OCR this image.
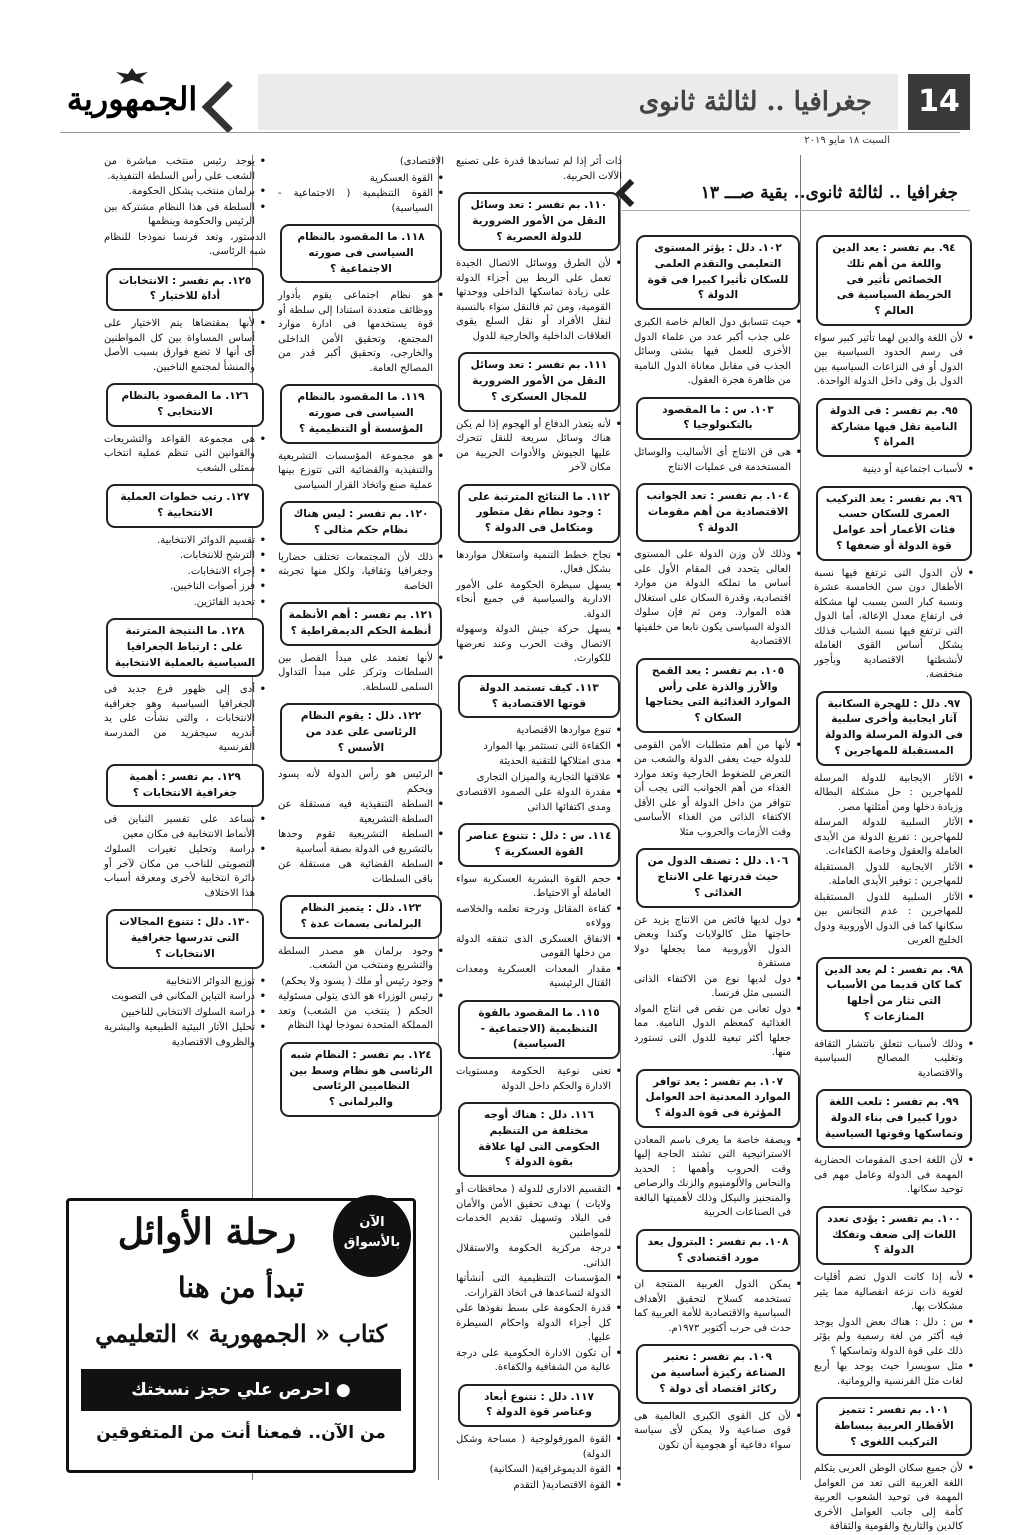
14
جغرافيا .. لثالثة ثانوى
الجمهورية
السبت ١٨ مايو ٢٠١٩
جغرافيا .. لثالثة ثانوى.. بقية صـــ ١٣
٩٤. بم تفسر : يعد الدين واللغة من أهم تلك الخصائص تأثير فى الخريطة السياسية فى العالم ؟
• لأن اللغة والدين لهما تأثير كبير سواء فى رسم الحدود السياسية بين الدول أو فى النزاعات السياسية بين الدول بل وفى داخل الدولة الواحدة.
٩٥. بم تفسر : فى الدولة النامية تقل فيها مشاركة المراة ؟
• لأسباب اجتماعية أو دينية
٩٦. بم تفسر : يعد التركيب العمرى للسكان حسب فئات الأعمار أحد عوامل قوة الدولة أو ضعفها ؟
• لأن الدول التى ترتفع فيها نسبة الأطفال دون سن الخامسة عشرة ونسبة كبار السن يسبب لها مشكلة فى ارتفاع معدل الإعالة، أما الدول التى ترتفع فيها نسبة الشباب فذلك يشكل أساس القوى العاملة لأنشطتها الاقتصادية وبأجور منخفضة.
٩٧. دلل : للهجرة السكانية آثار ايجابية وأخرى سلبية فى الدولة المرسلة والدولة المستقبلة للمهاجرين ؟
• الآثار الايجابية للدولة المرسلة للمهاجرين : حل مشكلة البطالة وزيادة دخلها ومن أمثلتها مصر.
• الآثار السلبية للدولة المرسلة للمهاجرين : تفريغ الدولة من الأيدى العاملة والعقول وخاصة الكفاءات.
• الآثار الايجابية للدول المستقبلة للمهاجرين : توفير الأيدى العاملة.
• الآثار السلبية للدول المستقبلة للمهاجرين : عدم التجانس بين سكانها كما فى الدول الأوروبية ودول الخليج العربى
٩٨. بم تفسر : لم يعد الدين كما كان قديما من الأسباب التى تثار من أجلها المنازعات ؟
• وذلك لأسباب تتعلق بانتشار الثقافة وتغليب المصالح السياسية والاقتصادية
٩٩. بم تفسر : تلعب اللغة دورا كبيرا فى بناء الدولة وتماسكها وقوتها السياسية
• لأن اللغة احدى المقومات الحضارية المهمة فى الدولة وعامل مهم فى توحيد سكانها.
١٠٠. بم تفسر : يؤدى تعدد اللغات إلى ضعف وتفكك الدولة ؟
• لأنه إذا كانت الدول تضم أقليات لغوية ذات نزعة انفصالية مما يثير مشكلات بها.
• س : دلل : هناك بعض الدول يوجد فيه أكثر من لغة رسمية ولم يؤثر ذلك على قوة الدولة وتماسكها ؟
• مثل سويسرا حيث يوجد بها أربع لغات مثل الفرنسية والرومانية.
١٠١. بم تفسر : تتميز الأقطار العربية ببساطة التركيب اللغوى ؟
• لأن جميع سكان الوطن العربى يتكلم اللغة العربية التى تعد من العوامل المهمة فى توحيد الشعوب العربية كأمة إلى جانب العوامل الأخرى كالدين والتاريخ والقومية والثقافة
١٠٢. دلل : يؤثر المستوى التعليمى والتقدم العلمى للسكان تأثيرا كبيرا فى قوة الدولة ؟
• حيث تتسابق دول العالم خاصة الكبرى على جذب أكبر عدد من علماء الدول الأخرى للعمل فيها بشتى وسائل الجذب فى مقابل معاناة الدول النامية من ظاهرة هجرة العقول.
١٠٣. س : ما المقصود بالتكنولوجيا ؟
• هى فن الانتاج أى الأساليب والوسائل المستخدمة فى عمليات الانتاج
١٠٤. بم تفسر : تعد الجوانب الاقتصادية من أهم مقومات الدولة ؟
• وذلك لأن وزن الدولة على المستوى العالى يتحدد فى المقام الأول على أساس ما تملكه الدولة من موارد اقتصادية، وقدرة السكان على استغلال هذه الموارد. ومن ثم فإن سلوك الدولة السياسى يكون نابعا من خلفيتها الاقتصادية
١٠٥. بم تفسر : يعد القمح والأرز والذرة على رأس الموارد الغذائية التى يحتاجها السكان ؟
• لأنها من أهم متطلبات الأمن القومى للدولة حيث يعفى الدولة والشعب من التعرض للضغوط الخارجية وتعد موارد الغذاء من أهم الجوانب التى يجب أن تتوافر من داخل الدولة أو على الأقل الاكتفاء الذاتى من الغذاء الأساسى وقت الأزمات والحروب مثلا
١٠٦. دلل : تصنف الدول من حيث قدرتها على الانتاج الغذائى ؟
• دول لديها فائض من الانتاج يزيد عن حاجتها مثل كالولايات وكندا وبعض الدول الأوروبية مما يجعلها دولا مستقرة
• دول لديها نوع من الاكتفاء الذاتى النسبى مثل فرنسا.
• دول تعانى من نقص فى انتاج المواد الغذائية كمعظم الدول النامية. مما جعلها أكثر تبعية للدول التى تستورد منها.
١٠٧. بم تفسر : يعد توافر الموارد المعدنية احد العوامل المؤثرة فى قوة الدولة ؟
• وبصفة خاصة ما يعرف باسم المعادن الاستراتيجية التى تشتد الحاجة إليها وقت الحروب وأهمها : الحديد والنحاس والألومنيوم والزنك والرصاص والمنجنيز والنيكل وذلك لأهميتها البالغة فى الصناعات الحربية
١٠٨. بم تفسر : البترول يعد مورد اقتصادى ؟
• يمكن الدول العربية المنتجة ان تستخدمه كسلاح لتحقيق الأهداف السياسية والاقتصادية للأمة العربية كما حدث فى حرب أكتوبر ١٩٧٣م.
١٠٩. بم تفسر : تعتبر الصناعة ركيزة أساسية من ركائز اقتصاد أى دولة ؟
• لأن كل القوى الكبرى العالمية هى قوى صناعية ولا يمكن لأى سياسة سواء دفاعية أو هجومية أن تكون
ذات أثر إذا لم تساندها قدرة على تصنيع الآلات الحربية.
١١٠. بم تفسر : تعد وسائل النقل من الأمور الضرورية للدولة العصرية ؟
• لأن الطرق ووسائل الاتصال الجيدة تعمل على الربط بين أجزاء الدولة على زيادة تماسكها الداخلى ووحدتها القومية، ومن ثم فالنقل سواء بالنسبة لنقل الأفراد أو نقل السلع يقوى العلاقات الداخلية والخارجية للدول
١١١. بم تفسر : تعد وسائل النقل من الأمور الضرورية للمجال العسكرى ؟
• لأنه يتعذر الدفاع أو الهجوم إذا لم يكن هناك وسائل سريعة للنقل تتحرك عليها الجيوش والأدوات الحربية من مكان لآخر
١١٢. ما النتائج المترتبة على : وجود نظام نقل متطور ومتكامل فى الدولة ؟
• نجاح خطط التنمية واستغلال مواردها بشكل فعال.
• يسهل سيطرة الحكومة على الأمور الادارية والسياسية فى جميع أنحاء الدولة.
• يسهل حركة جيش الدولة وسهولة الاتصال وقت الحرب وعند تعرضها للكوارث.
١١٣. كيف تستمد الدولة قوتها الاقتصادية ؟
• تنوع مواردها الاقتصادية
• الكفاءة التى تستثمر بها الموارد
• مدى امتلاكها للتقنية الحديثة
• علاقتها التجارية والميزان التجارى
• مقدرة الدولة على الصمود الاقتصادى ومدى اكتفائها الذاتى
١١٤. س : دلل : تتنوع عناصر القوة العسكرية ؟
• حجم القوة البشرية العسكرية سواء العاملة أو الاحتياط.
• كفاءة المقاتل ودرجة تعلمه والخلاصه وولاءه
• الانفاق العسكرى الذى تنفقه الدولة من دخلها القومى
• مقدار المعدات العسكرية ومعدات القتال الرئيسية
١١٥. ما المقصود بالقوة التنظيمية (الاجتماعية - السياسية)
• تعنى نوعية الحكومة ومستويات الادارة والحكم داخل الدولة
١١٦. دلل : هناك أوجه مختلفة من التنظيم الحكومى التى لها علاقة بقوة الدولة ؟
• التقسيم الادارى للدولة ( محافظات أو ولايات ) بهدف تحقيق الأمن والأمان فى البلاد وتسهيل تقديم الخدمات للمواطنين
• درجة مركزية الحكومة والاستقلال الذاتى.
• المؤسسات التنظيمية التى أنشأتها الدولة لتساعدها فى اتخاذ القرارات.
• قدرة الحكومة على بسط نفوذها على كل أجزاء الدولة واحكام السيطرة عليها.
• أن تكون الادارة الحكومية على درجة عالية من الشفافية والكفاءة.
١١٧. دلل : تتنوع أبعاد وعناصر قوة الدولة ؟
• القوة المورفولوجية ( مساحة وشكل الدولة)
• القوة الديموغرافية( السكانية)
• القوة الاقتصادية( التقدم
الاقتصادى)
• القوة العسكرية
• القوة التنظيمية ( الاجتماعية - السياسية)
١١٨. ما المقصود بالنظام السياسى فى صورته الاجتماعية ؟
• هو نظام اجتماعى يقوم بأدوار ووظائف متعددة استنادا إلى سلطة أو قوة يستخدمها فى ادارة موارد المجتمع، وتحقيق الأمن الداخلى والخارجى، وتحقيق أكبر قدر من المصالح العامة.
١١٩. ما المقصود بالنظام السياسى فى صورته المؤسسة أو التنظيمية ؟
• هو مجموعة المؤسسات التشريعية والتنفيذية والقضائية التى تتوزع بينها عملية صنع واتخاذ القرار السياسى
١٢٠. بم تفسر : ليس هناك نظام حكم مثالى ؟
• ذلك لأن المجتمعات تختلف حضاريا وجغرافيا وثقافيا، ولكل منها تجربته الخاصة
١٢١. بم تفسر : أهم الأنظمة أنظمة الحكم الديمقراطية ؟
• لأنها تعتمد على مبدأ الفصل بين السلطات وتركز على مبدأ التداول السلمى للسلطة.
١٢٢. دلل : يقوم النظام الرئاسى على عدد من الأسس ؟
• الرئيس هو رأس الدولة لأنه يسود ويحكم
• السلطة التنفيذية فيه مستقلة عن السلطة التشريعية
• السلطة التشريعية تقوم وحدها بالتشريع فى الدولة بصفة أساسية
• السلطة القضائية هى مستقلة عن باقى السلطات
١٢٣. دلل : يتميز النظام البرلمانى بسمات عدة ؟
• وجود برلمان هو مصدر السلطة والتشريع ومنتخب من الشعب.
• وجود رئيس أو ملك ( يسود ولا يحكم)
• رئيس الوزراء هو الذى يتولى مسئولية الحكم ( ينتخب من الشعب) وتعد المملكة المتحدة نموذجا لهذا النظام
١٢٤. بم تفسر : النظام شبه الرئاسى هو نظام وسط بين النظاميين الرئاسى والبرلمانى ؟
• يوجد رئيس منتخب مباشرة من الشعب على رأس السلطة التنفيذية.
• برلمان منتخب يشكل الحكومة.
• السلطة فى هذا النظام مشتركة بين الرئيس والحكومة وينظمها
الدستور، وتعد فرنسا نموذجا للنظام شبه الرئاسى.
١٢٥. بم تفسر : الانتخابات أداة للاختيار ؟
• لأنها بمقتضاها يتم الاختيار على أساس المساواة بين كل المواطنين أى أنها لا تضع فوارق بسبب الأصل والمنشأ لمجتمع الناخبين.
١٢٦. ما المقصود بالنظام الانتخابى ؟
• هى مجموعة القواعد والتشريعات والقوانين التى تنظم عملية انتخاب ممثلى الشعب
١٢٧. رتب خطوات العملية الانتخابية ؟
• تقسيم الدوائر الانتخابية.
• الترشح للانتخابات.
• إجراء الانتخابات.
• فرز أصوات الناخبين.
• تحديد الفائزين.
١٢٨. ما النتيجة المترتبة على : ارتباط الجغرافيا السياسية بالعملية الانتخابية
• أدى إلى ظهور فرع جديد فى الجغرافيا السياسية وهو جغرافية الانتخابات ، والتى نشأت على يد أندريه سيجفريد من المدرسة الفرنسية
١٢٩. بم تفسر : أهمية جغرافية الانتخابات ؟
• تساعد على تفسير التباين فى الأنماط الانتخابية فى مكان معين
• دراسة وتحليل تغيرات السلوك التصويتى للناخب من مكان لآخر أو دائرة انتخابية لأخرى ومعرفة أسباب هذا الاختلاف
١٣٠. دلل : تتنوع المجالات التى تدرسها جغرافية الانتخابات ؟
• توزيع الدوائر الانتخابية
• دراسة التباين المكانى فى التصويت
• دراسة السلوك الانتخابى للناخبين
• تحليل الآثار البيئية الطبيعية والبشرية والظروف الاقتصادية
الآن
بالأسواق
رحلة الأوائل
تبدأ من هنا
كتاب « الجمهورية » التعليمي
● احرص علي حجز نسختك
من الآن.. فمعنا أنت من المتفوقين
